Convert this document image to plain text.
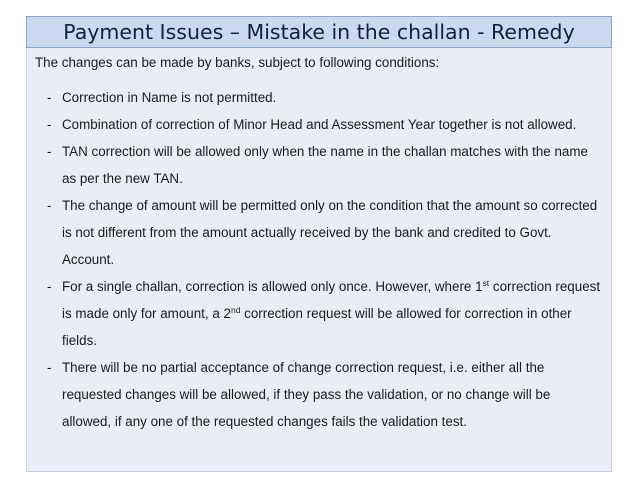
Payment Issues – Mistake in the challan - Remedy

The changes can be made by banks, subject to following conditions:

- Correction in Name is not permitted.
- Combination of correction of Minor Head and Assessment Year together is not allowed.
- TAN correction will be allowed only when the name in the challan matches with the name as per the new TAN.
- The change of amount will be permitted only on the condition that the amount so corrected is not different from the amount actually received by the bank and credited to Govt. Account.
- For a single challan, correction is allowed only once. However, where 1st correction request is made only for amount, a 2nd correction request will be allowed for correction in other fields.
- There will be no partial acceptance of change correction request, i.e. either all the requested changes will be allowed, if they pass the validation, or no change will be allowed, if any one of the requested changes fails the validation test.
